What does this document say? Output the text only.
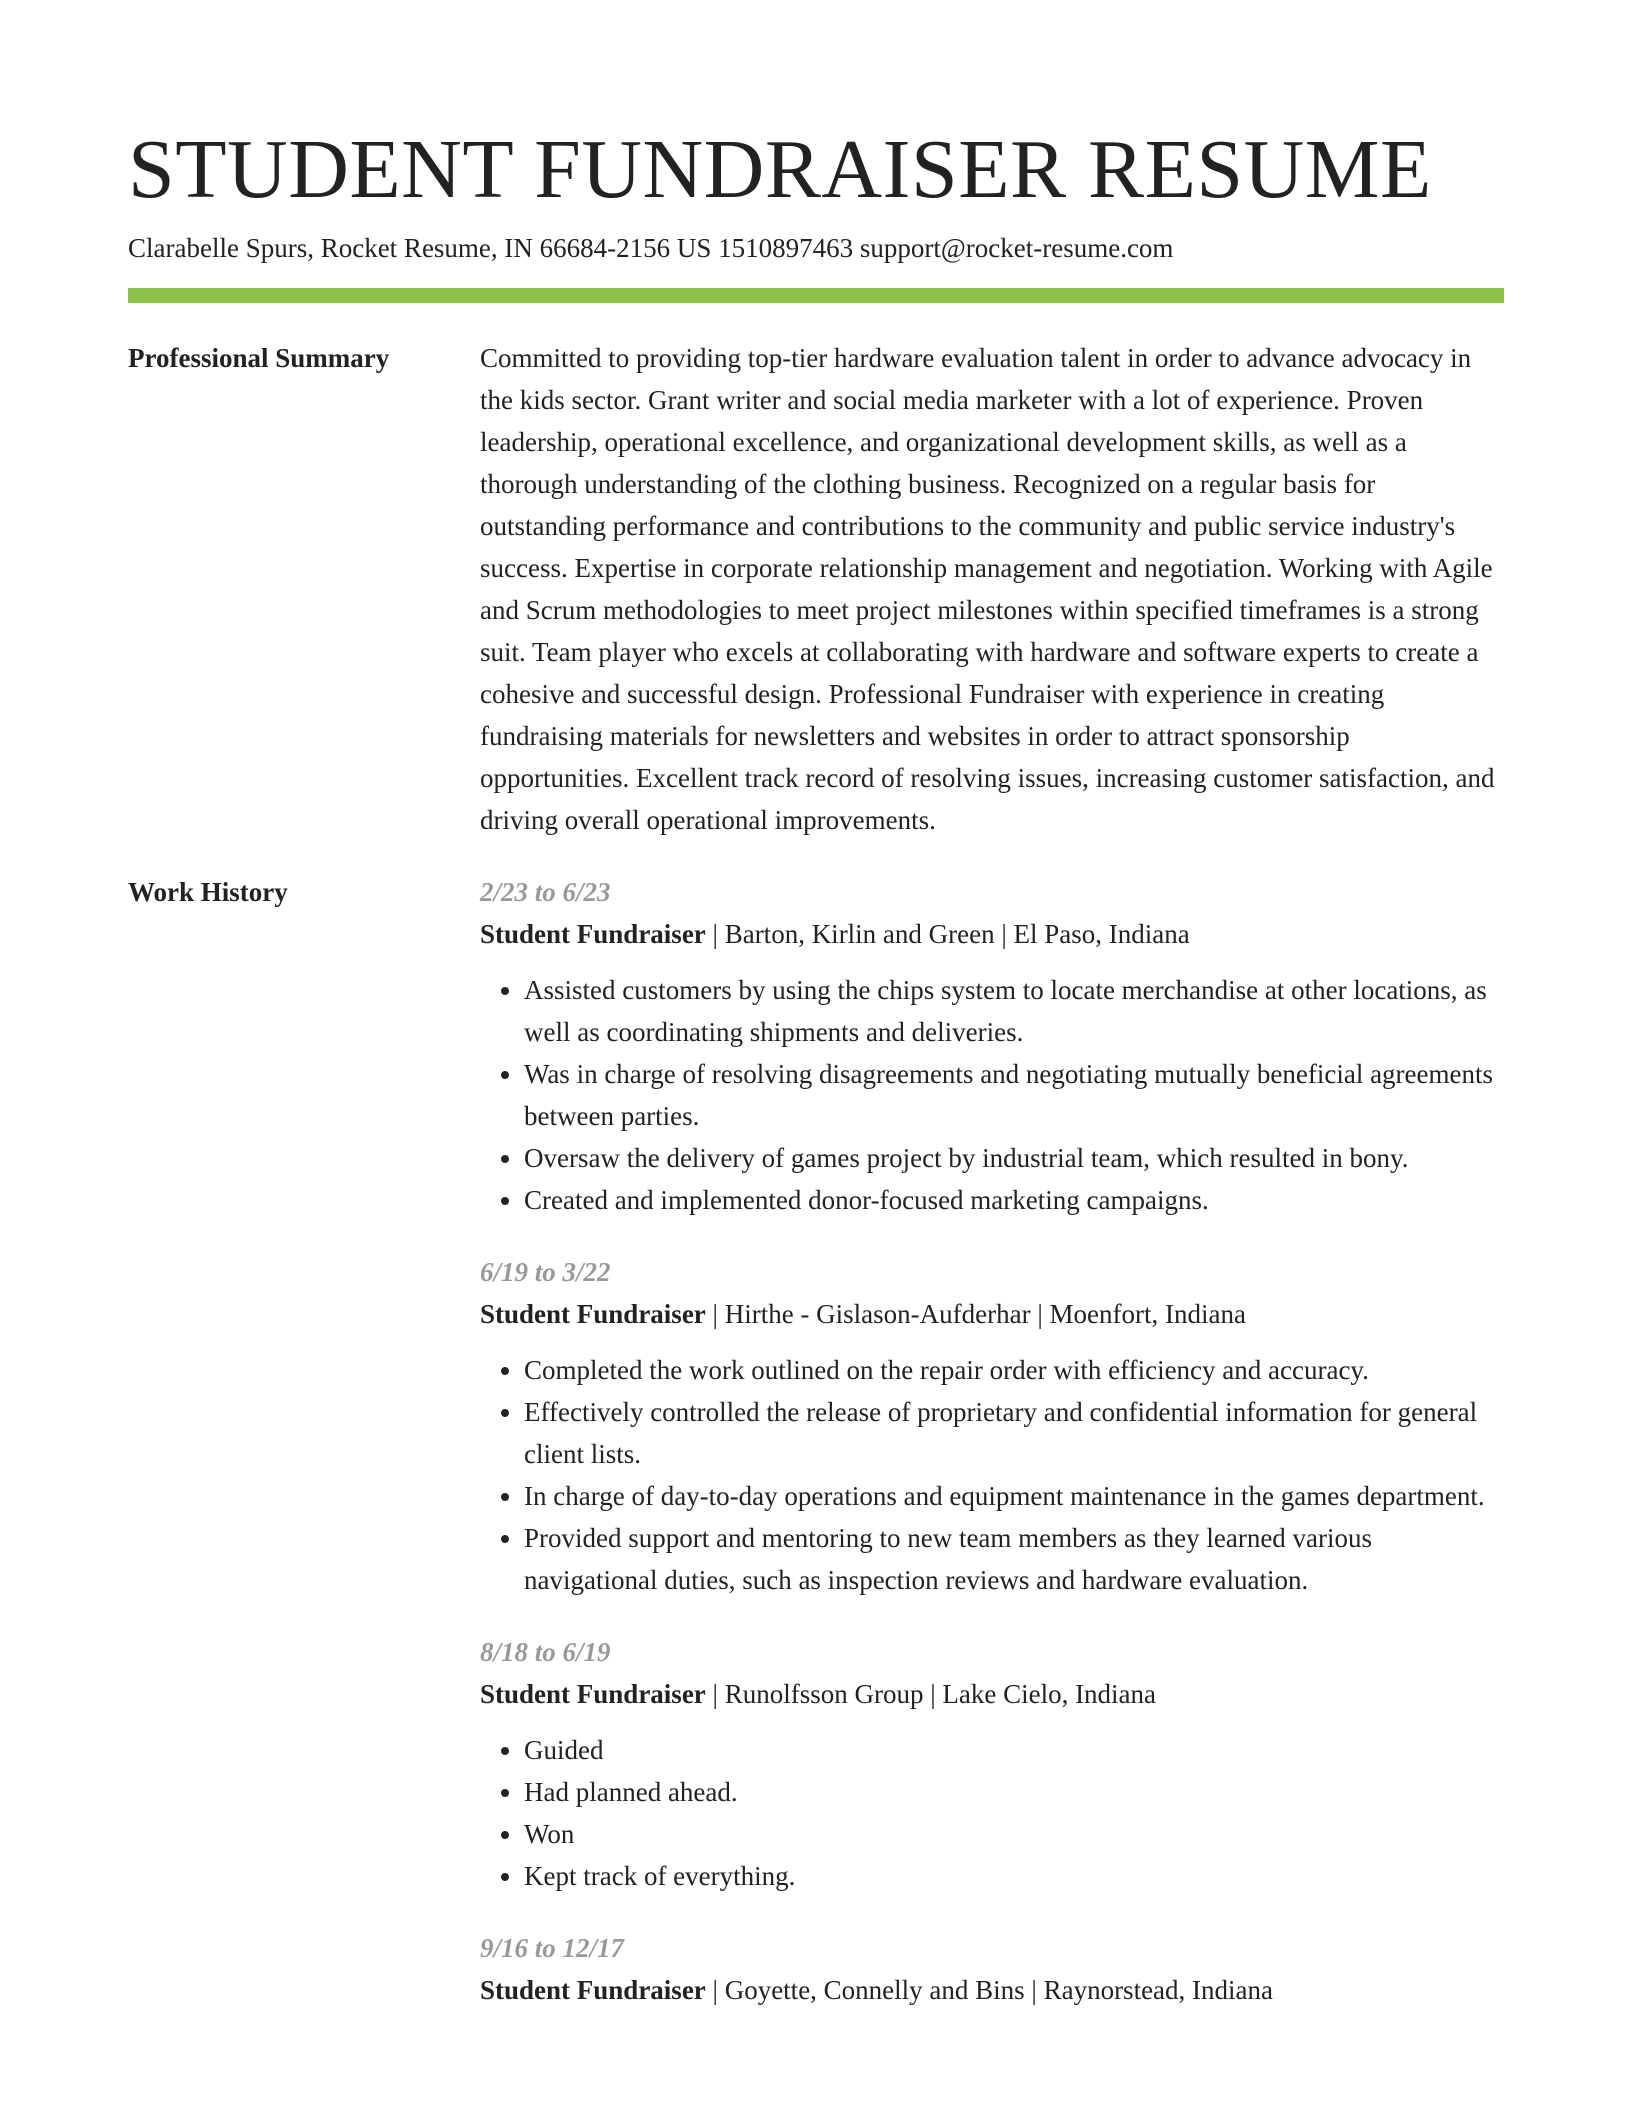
STUDENT FUNDRAISER RESUME
Clarabelle Spurs, Rocket Resume, IN 66684-2156 US 1510897463 support@rocket-resume.com
Professional Summary	Committed to providing top-tier hardware evaluation talent in order to advance advocacy in the kids sector. Grant writer and social media marketer with a lot of experience. Proven leadership, operational excellence, and organizational development skills, as well as a thorough understanding of the clothing business. Recognized on a regular basis for outstanding performance and contributions to the community and public service industry's success. Expertise in corporate relationship management and negotiation. Working with Agile and Scrum methodologies to meet project milestones within specified timeframes is a strong suit. Team player who excels at collaborating with hardware and software experts to create a cohesive and successful design. Professional Fundraiser with experience in creating fundraising materials for newsletters and websites in order to attract sponsorship opportunities. Excellent track record of resolving issues, increasing customer satisfaction, and driving overall operational improvements.

Work History	2/23 to 6/23
Student Fundraiser | Barton, Kirlin and Green | El Paso, Indiana
• Assisted customers by using the chips system to locate merchandise at other locations, as well as coordinating shipments and deliveries.
• Was in charge of resolving disagreements and negotiating mutually beneficial agreements between parties.
• Oversaw the delivery of games project by industrial team, which resulted in bony.
• Created and implemented donor-focused marketing campaigns.
6/19 to 3/22
Student Fundraiser | Hirthe - Gislason-Aufderhar | Moenfort, Indiana
• Completed the work outlined on the repair order with efficiency and accuracy.
• Effectively controlled the release of proprietary and confidential information for general client lists.
• In charge of day-to-day operations and equipment maintenance in the games department.
• Provided support and mentoring to new team members as they learned various navigational duties, such as inspection reviews and hardware evaluation.
8/18 to 6/19
Student Fundraiser | Runolfsson Group | Lake Cielo, Indiana
• Guided
• Had planned ahead.
• Won
• Kept track of everything.
9/16 to 12/17
Student Fundraiser | Goyette, Connelly and Bins | Raynorstead, Indiana
